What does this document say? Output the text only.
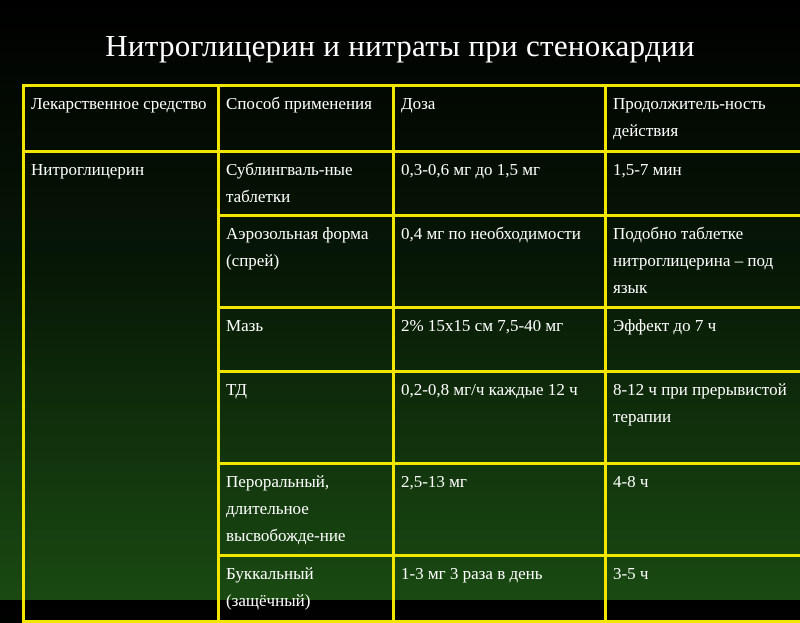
Нитроглицерин и нитраты при стенокардии
Лекарственное средство	Способ применения	Доза	Продолжитель-ность действия
Нитроглицерин	Сублингваль-ные таблетки	0,3-0,6 мг до 1,5 мг	1,5-7 мин
	Аэрозольная форма (спрей)	0,4 мг по необходимости	Подобно таблетке нитроглицерина – под язык
	Мазь	2% 15х15 см 7,5-40 мг	Эффект до 7 ч
	ТД	0,2-0,8 мг/ч каждые 12 ч	8-12 ч при прерывистой терапии
	Пероральный, длительное высвобожде-ние	2,5-13 мг	4-8 ч
	Буккальный (защёчный)	1-3 мг 3 раза в день	3-5 ч
